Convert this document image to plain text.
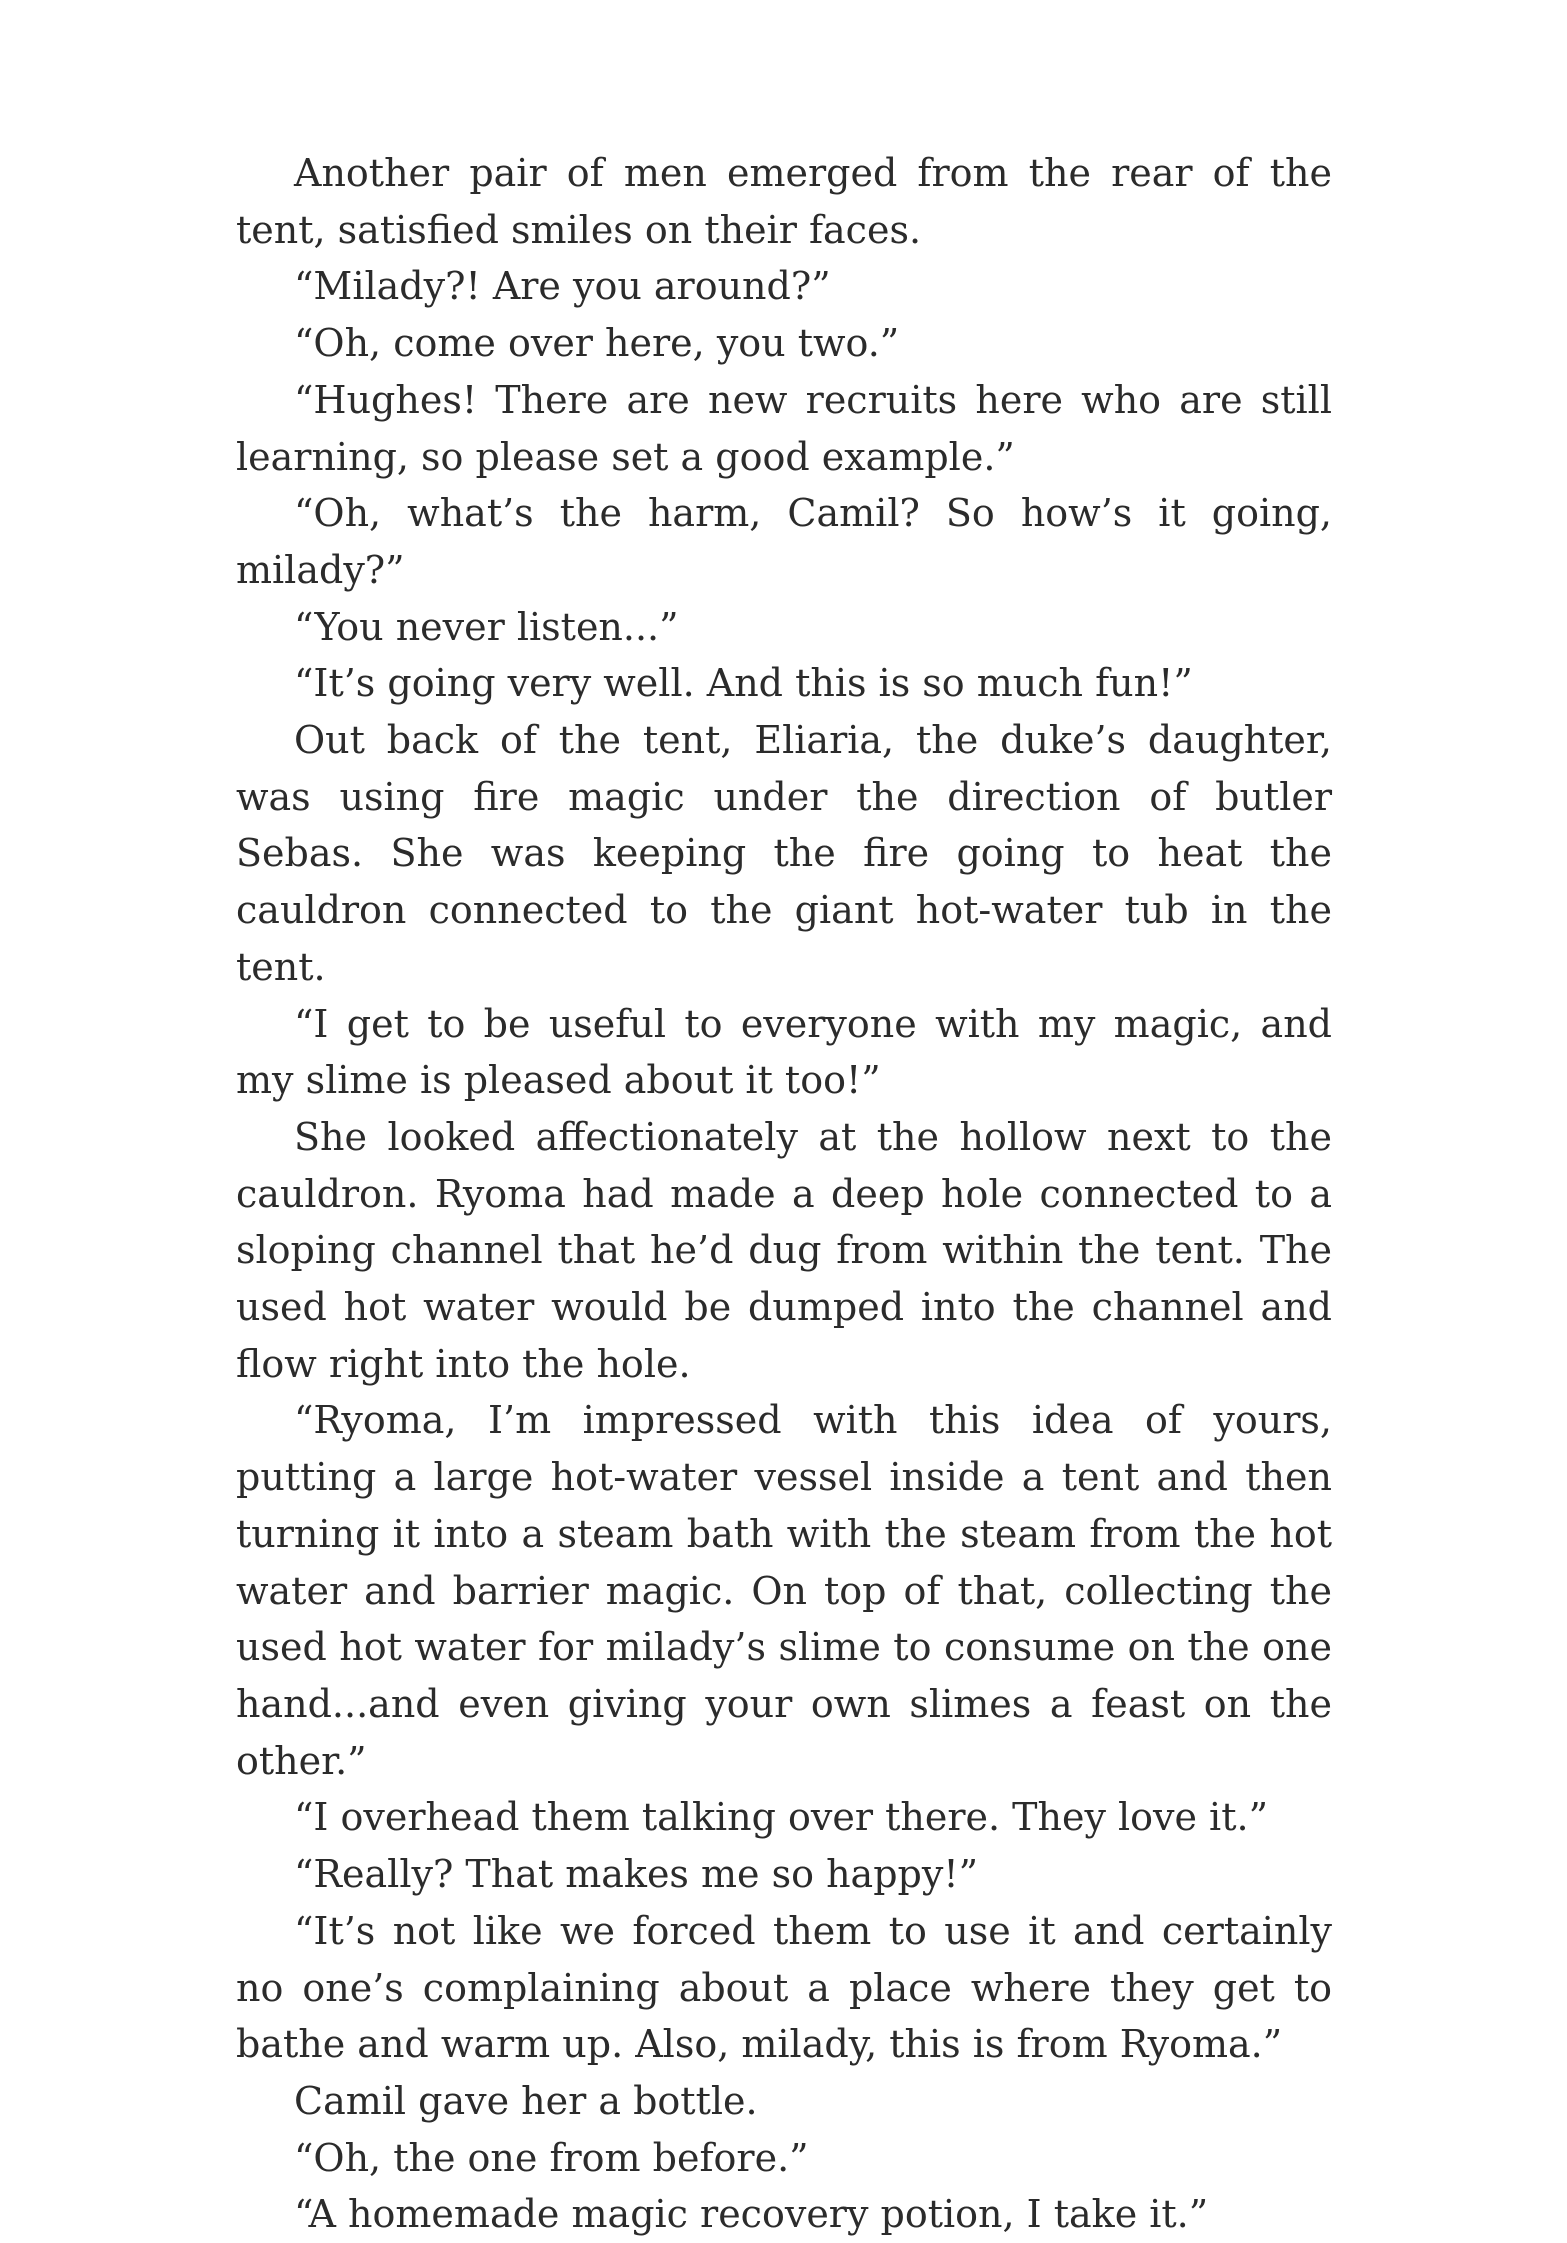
Another pair of men emerged from the rear of the tent, satisfied smiles on their faces.

“Milady?! Are you around?”

“Oh, come over here, you two.”

“Hughes! There are new recruits here who are still learning, so please set a good example.”

“Oh, what’s the harm, Camil? So how’s it going, milady?”

“You never listen...”

“It’s going very well. And this is so much fun!”

Out back of the tent, Eliaria, the duke’s daughter, was using fire magic under the direction of butler Sebas. She was keeping the fire going to heat the cauldron connected to the giant hot-water tub in the tent.

“I get to be useful to everyone with my magic, and my slime is pleased about it too!”

She looked affectionately at the hollow next to the cauldron. Ryoma had made a deep hole connected to a sloping channel that he’d dug from within the tent. The used hot water would be dumped into the channel and flow right into the hole.

“Ryoma, I’m impressed with this idea of yours, putting a large hot-water vessel inside a tent and then turning it into a steam bath with the steam from the hot water and barrier magic. On top of that, collecting the used hot water for milady’s slime to consume on the one hand...and even giving your own slimes a feast on the other.”

“I overhead them talking over there. They love it.”

“Really? That makes me so happy!”

“It’s not like we forced them to use it and certainly no one’s complaining about a place where they get to bathe and warm up. Also, milady, this is from Ryoma.”

Camil gave her a bottle.

“Oh, the one from before.”

“A homemade magic recovery potion, I take it.”
